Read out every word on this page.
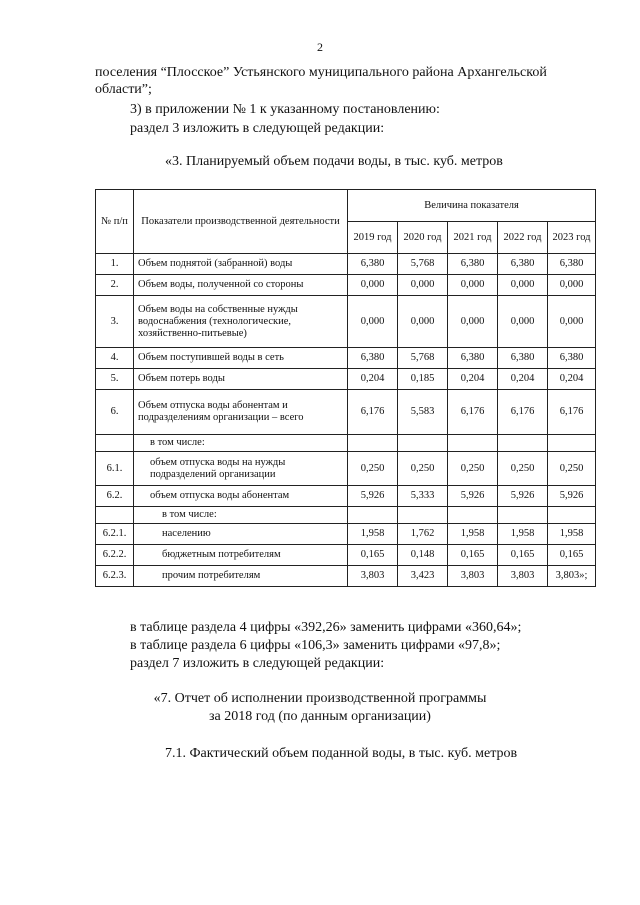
2
поселения “Плосское” Устьянского муниципального района Архангельской
области”;
3) в приложении № 1 к указанному постановлению:
раздел 3 изложить в следующей редакции:
«3. Планируемый объем подачи воды, в тыс. куб. метров
№ п/п	Показатели производственной деятельности	Величина показателя				
		2019 год	2020 год	2021 год	2022 год	2023 год
1.	Объем поднятой (забранной) воды	6,380	5,768	6,380	6,380	6,380
2.	Объем воды, полученной со стороны	0,000	0,000	0,000	0,000	0,000
3.	Объем воды на собственные нужды водоснабжения (технологические, хозяйственно-питьевые)	0,000	0,000	0,000	0,000	0,000
4.	Объем поступившей воды в сеть	6,380	5,768	6,380	6,380	6,380
5.	Объем потерь воды	0,204	0,185	0,204	0,204	0,204
6.	Объем отпуска воды абонентам и подразделениям организации – всего	6,176	5,583	6,176	6,176	6,176
	в том числе:					
6.1.	объем отпуска воды на нужды подразделений организации	0,250	0,250	0,250	0,250	0,250
6.2.	объем отпуска воды абонентам	5,926	5,333	5,926	5,926	5,926
	в том числе:					
6.2.1.	населению	1,958	1,762	1,958	1,958	1,958
6.2.2.	бюджетным потребителям	0,165	0,148	0,165	0,165	0,165
6.2.3.	прочим потребителям	3,803	3,423	3,803	3,803	3,803»;
в таблице раздела 4 цифры «392,26» заменить цифрами «360,64»;
в таблице раздела 6 цифры «106,3» заменить цифрами «97,8»;
раздел 7 изложить в следующей редакции:
«7. Отчет об исполнении производственной программы
за 2018 год (по данным организации)
7.1. Фактический объем поданной воды, в тыс. куб. метров
